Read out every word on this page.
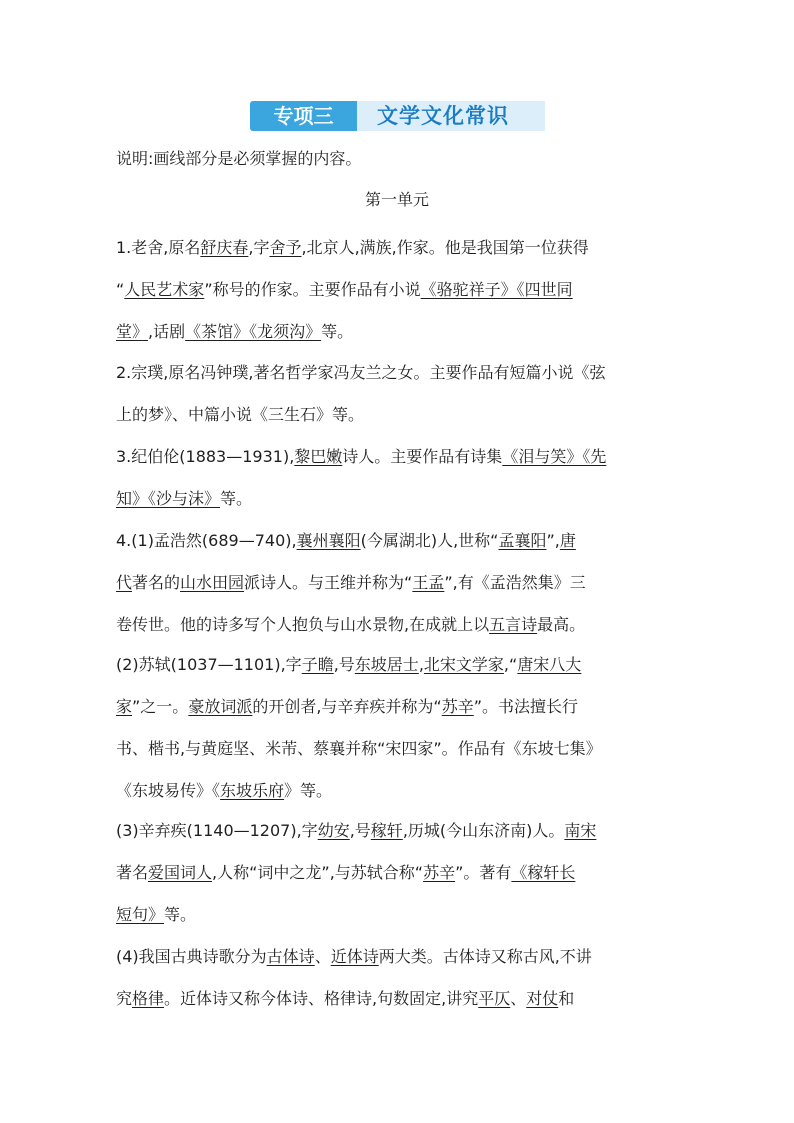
专项三	文学文化常识
说明:画线部分是必须掌握的内容。
第一单元
1.老舍,原名舒庆春,字舍予,北京人,满族,作家。他是我国第一位获得
“人民艺术家”称号的作家。主要作品有小说《骆驼祥子》《四世同
堂》,话剧《茶馆》《龙须沟》等。
2.宗璞,原名冯钟璞,著名哲学家冯友兰之女。主要作品有短篇小说《弦
上的梦》、中篇小说《三生石》等。
3.纪伯伦(1883—1931),黎巴嫩诗人。主要作品有诗集《泪与笑》《先
知》《沙与沫》等。
4.(1)孟浩然(689—740),襄州襄阳(今属湖北)人,世称“孟襄阳”,唐
代著名的山水田园派诗人。与王维并称为“王孟”,有《孟浩然集》三
卷传世。他的诗多写个人抱负与山水景物,在成就上以五言诗最高。
(2)苏轼(1037—1101),字子瞻,号东坡居士,北宋文学家,“唐宋八大
家”之一。豪放词派的开创者,与辛弃疾并称为“苏辛”。书法擅长行
书、楷书,与黄庭坚、米芾、蔡襄并称“宋四家”。作品有《东坡七集》
《东坡易传》《东坡乐府》等。
(3)辛弃疾(1140—1207),字幼安,号稼轩,历城(今山东济南)人。南宋
著名爱国词人,人称“词中之龙”,与苏轼合称“苏辛”。著有《稼轩长
短句》等。
(4)我国古典诗歌分为古体诗、近体诗两大类。古体诗又称古风,不讲
究格律。近体诗又称今体诗、格律诗,句数固定,讲究平仄、对仗和
